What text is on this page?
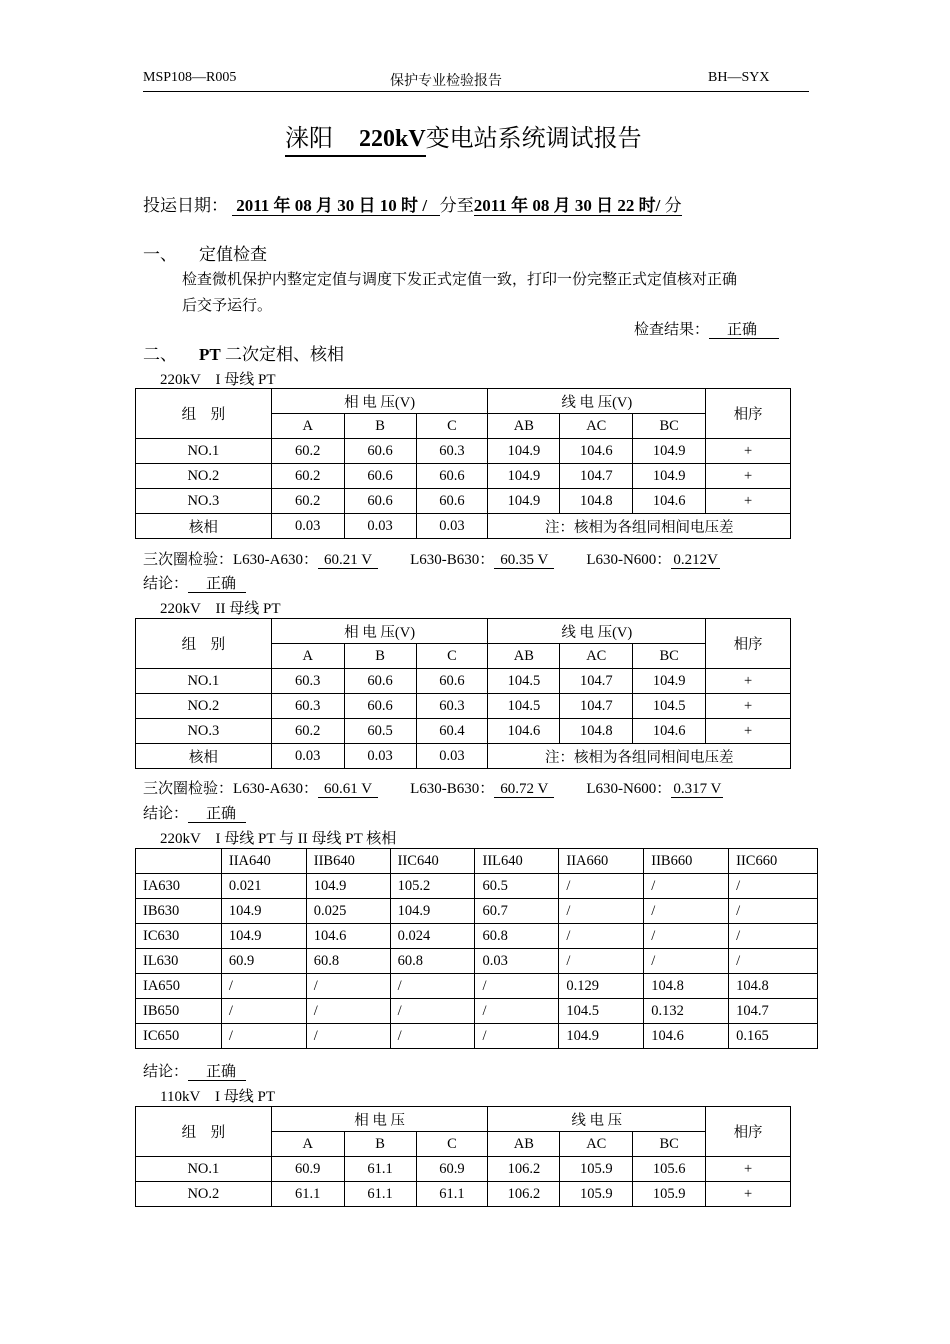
MSP108—R005	保护专业检验报告	BH—SYX
涞阳 220kV变电站系统调试报告
投运日期： 2011 年 08 月 30 日 10 时 / 分至2011 年 08 月 30 日 22 时/ 分
一、 定值检查
检查微机保护内整定定值与调度下发正式定值一致，打印一份完整正式定值核对正确
后交予运行。
检查结果： 正确
二、 PT 二次定相、核相
220kV　I 母线 PT
组　别	相 电 压(V)			线 电 压(V)			相序
	A	B	C	AB	AC	BC	
NO.1	60.2	60.6	60.3	104.9	104.6	104.9	+
NO.2	60.2	60.6	60.6	104.9	104.7	104.9	+
NO.3	60.2	60.6	60.6	104.9	104.8	104.6	+
核相	0.03	0.03	0.03	注：核相为各组同相间电压差			
三次圈检验：L630-A630： 60.21 V	L630-B630： 60.35 V	L630-N600： 0.212V
结论： 正确
220kV　II 母线 PT
组　别	相 电 压(V)			线 电 压(V)			相序
	A	B	C	AB	AC	BC	
NO.1	60.3	60.6	60.6	104.5	104.7	104.9	+
NO.2	60.3	60.6	60.3	104.5	104.7	104.5	+
NO.3	60.2	60.5	60.4	104.6	104.8	104.6	+
核相	0.03	0.03	0.03	注：核相为各组同相间电压差			
三次圈检验：L630-A630： 60.61 V	L630-B630： 60.72 V	L630-N600： 0.317 V
结论： 正确
220kV　I 母线 PT 与 II 母线 PT 核相
	IIA640	IIB640	IIC640	IIL640	IIA660	IIB660	IIC660
IA630	0.021	104.9	105.2	60.5	/	/	/
IB630	104.9	0.025	104.9	60.7	/	/	/
IC630	104.9	104.6	0.024	60.8	/	/	/
IL630	60.9	60.8	60.8	0.03	/	/	/
IA650	/	/	/	/	0.129	104.8	104.8
IB650	/	/	/	/	104.5	0.132	104.7
IC650	/	/	/	/	104.9	104.6	0.165
结论： 正确
110kV　I 母线 PT
组　别	相 电 压			线 电 压			相序
	A	B	C	AB	AC	BC	
NO.1	60.9	61.1	60.9	106.2	105.9	105.6	+
NO.2	61.1	61.1	61.1	106.2	105.9	105.9	+
